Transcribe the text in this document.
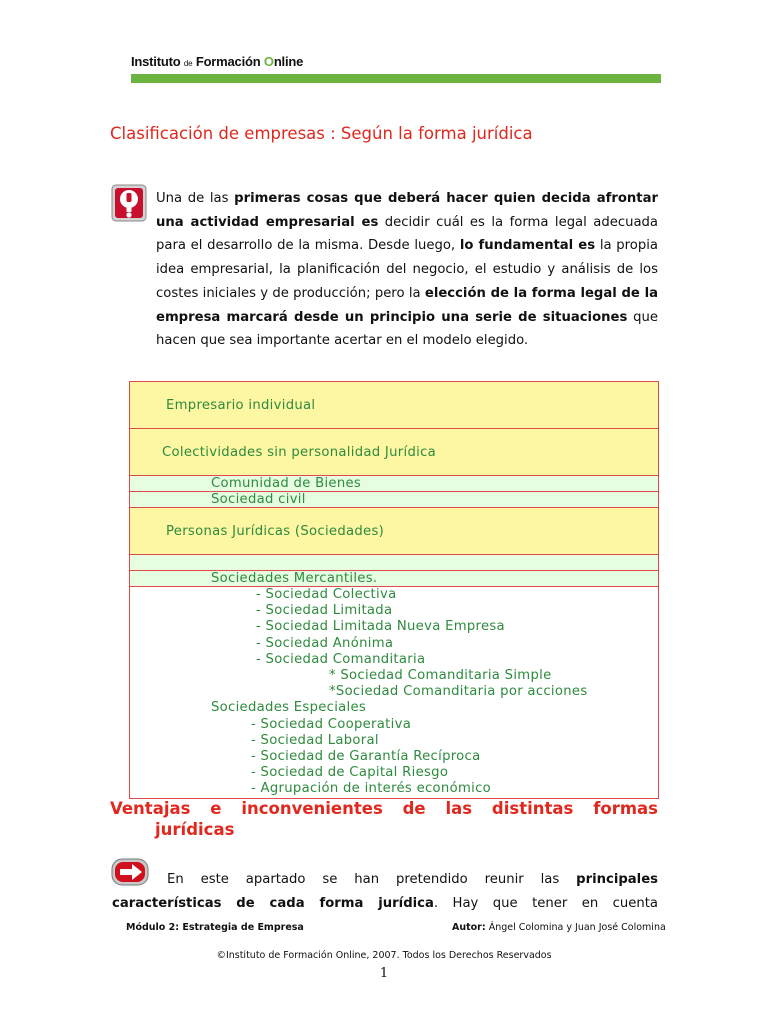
Instituto de Formación Online
Clasificación de empresas : Según la forma jurídica

Una de las primeras cosas que deberá hacer quien decida afrontar una actividad empresarial es decidir cuál es la forma legal adecuada para el desarrollo de la misma. Desde luego, lo fundamental es la propia idea empresarial, la planificación del negocio, el estudio y análisis de los costes iniciales y de producción; pero la elección de la forma legal de la empresa marcará desde un principio una serie de situaciones que hacen que sea importante acertar en el modelo elegido.

Empresario individual
Colectividades sin personalidad Jurídica
Comunidad de Bienes
Sociedad civil
Personas Jurídicas (Sociedades)

Sociedades Mercantiles.
- Sociedad Colectiva
- Sociedad Limitada
- Sociedad Limitada Nueva Empresa
- Sociedad Anónima
- Sociedad Comanditaria
* Sociedad Comanditaria Simple
*Sociedad Comanditaria por acciones
Sociedades Especiales
- Sociedad Cooperativa
- Sociedad Laboral
- Sociedad de Garantía Recíproca
- Sociedad de Capital Riesgo
- Agrupación de interés económico
Ventajas e inconvenientes de las distintas formas
jurídicas

En este apartado se han pretendido reunir las principales características de cada forma jurídica. Hay que tener en cuenta

Módulo 2: Estrategia de Empresa	Autor: Ángel Colomina y Juan José Colomina
©Instituto de Formación Online, 2007. Todos los Derechos Reservados
1
